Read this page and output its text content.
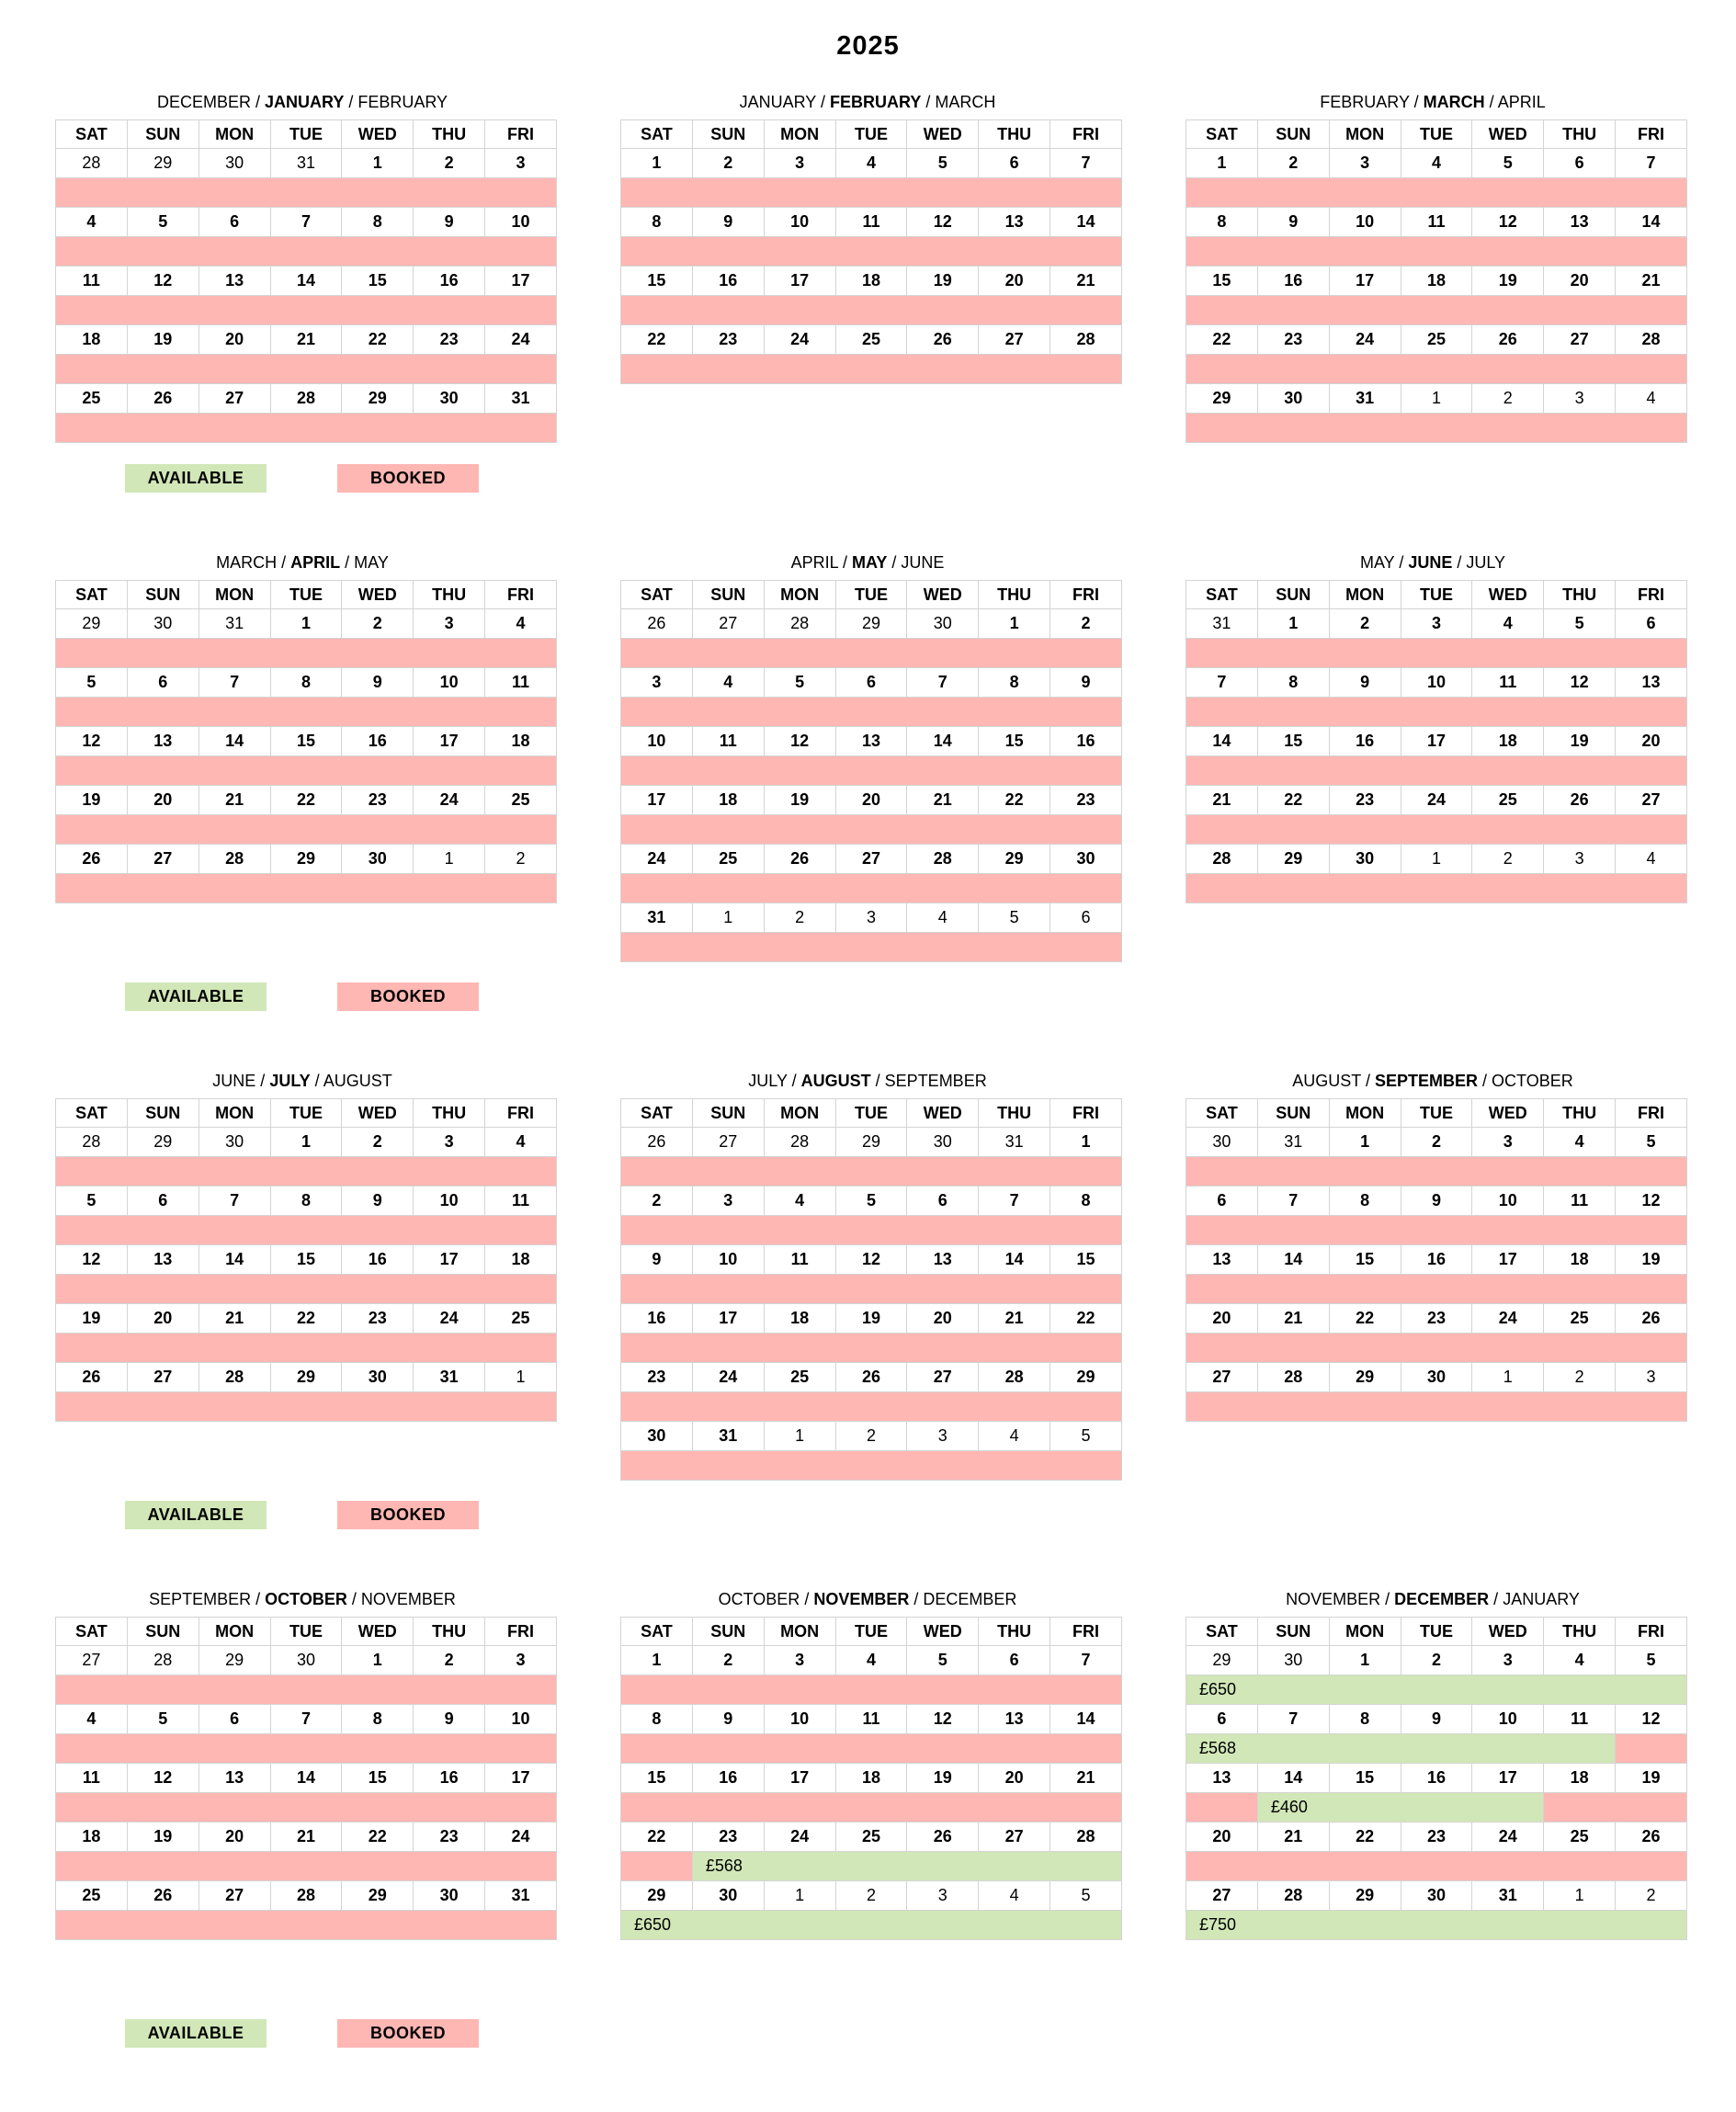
2025
DECEMBER / JANUARY / FEBRUARY
SAT	SUN	MON	TUE	WED	THU	FRI
28	29	30	31	1	2	3

4	5	6	7	8	9	10

11	12	13	14	15	16	17

18	19	20	21	22	23	24

25	26	27	28	29	30	31

JANUARY / FEBRUARY / MARCH
SAT	SUN	MON	TUE	WED	THU	FRI
1	2	3	4	5	6	7

8	9	10	11	12	13	14

15	16	17	18	19	20	21

22	23	24	25	26	27	28

FEBRUARY / MARCH / APRIL
SAT	SUN	MON	TUE	WED	THU	FRI
1	2	3	4	5	6	7

8	9	10	11	12	13	14

15	16	17	18	19	20	21

22	23	24	25	26	27	28

29	30	31	1	2	3	4

AVAILABLE	BOOKED
MARCH / APRIL / MAY
SAT	SUN	MON	TUE	WED	THU	FRI
29	30	31	1	2	3	4

5	6	7	8	9	10	11

12	13	14	15	16	17	18

19	20	21	22	23	24	25

26	27	28	29	30	1	2

APRIL / MAY / JUNE
SAT	SUN	MON	TUE	WED	THU	FRI
26	27	28	29	30	1	2

3	4	5	6	7	8	9

10	11	12	13	14	15	16

17	18	19	20	21	22	23

24	25	26	27	28	29	30

31	1	2	3	4	5	6

MAY / JUNE / JULY
SAT	SUN	MON	TUE	WED	THU	FRI
31	1	2	3	4	5	6

7	8	9	10	11	12	13

14	15	16	17	18	19	20

21	22	23	24	25	26	27

28	29	30	1	2	3	4

AVAILABLE	BOOKED
JUNE / JULY / AUGUST
SAT	SUN	MON	TUE	WED	THU	FRI
28	29	30	1	2	3	4

5	6	7	8	9	10	11

12	13	14	15	16	17	18

19	20	21	22	23	24	25

26	27	28	29	30	31	1

JULY / AUGUST / SEPTEMBER
SAT	SUN	MON	TUE	WED	THU	FRI
26	27	28	29	30	31	1

2	3	4	5	6	7	8

9	10	11	12	13	14	15

16	17	18	19	20	21	22

23	24	25	26	27	28	29

30	31	1	2	3	4	5

AUGUST / SEPTEMBER / OCTOBER
SAT	SUN	MON	TUE	WED	THU	FRI
30	31	1	2	3	4	5

6	7	8	9	10	11	12

13	14	15	16	17	18	19

20	21	22	23	24	25	26

27	28	29	30	1	2	3

AVAILABLE	BOOKED
SEPTEMBER / OCTOBER / NOVEMBER
SAT	SUN	MON	TUE	WED	THU	FRI
27	28	29	30	1	2	3

4	5	6	7	8	9	10

11	12	13	14	15	16	17

18	19	20	21	22	23	24

25	26	27	28	29	30	31

OCTOBER / NOVEMBER / DECEMBER
SAT	SUN	MON	TUE	WED	THU	FRI
1	2	3	4	5	6	7

8	9	10	11	12	13	14

15	16	17	18	19	20	21

22	23	24	25	26	27	28
	£568					
29	30	1	2	3	4	5
£650						
NOVEMBER / DECEMBER / JANUARY
SAT	SUN	MON	TUE	WED	THU	FRI
29	30	1	2	3	4	5
£650						
6	7	8	9	10	11	12
£568						
13	14	15	16	17	18	19
	£460					
20	21	22	23	24	25	26

27	28	29	30	31	1	2
£750						
AVAILABLE	BOOKED
